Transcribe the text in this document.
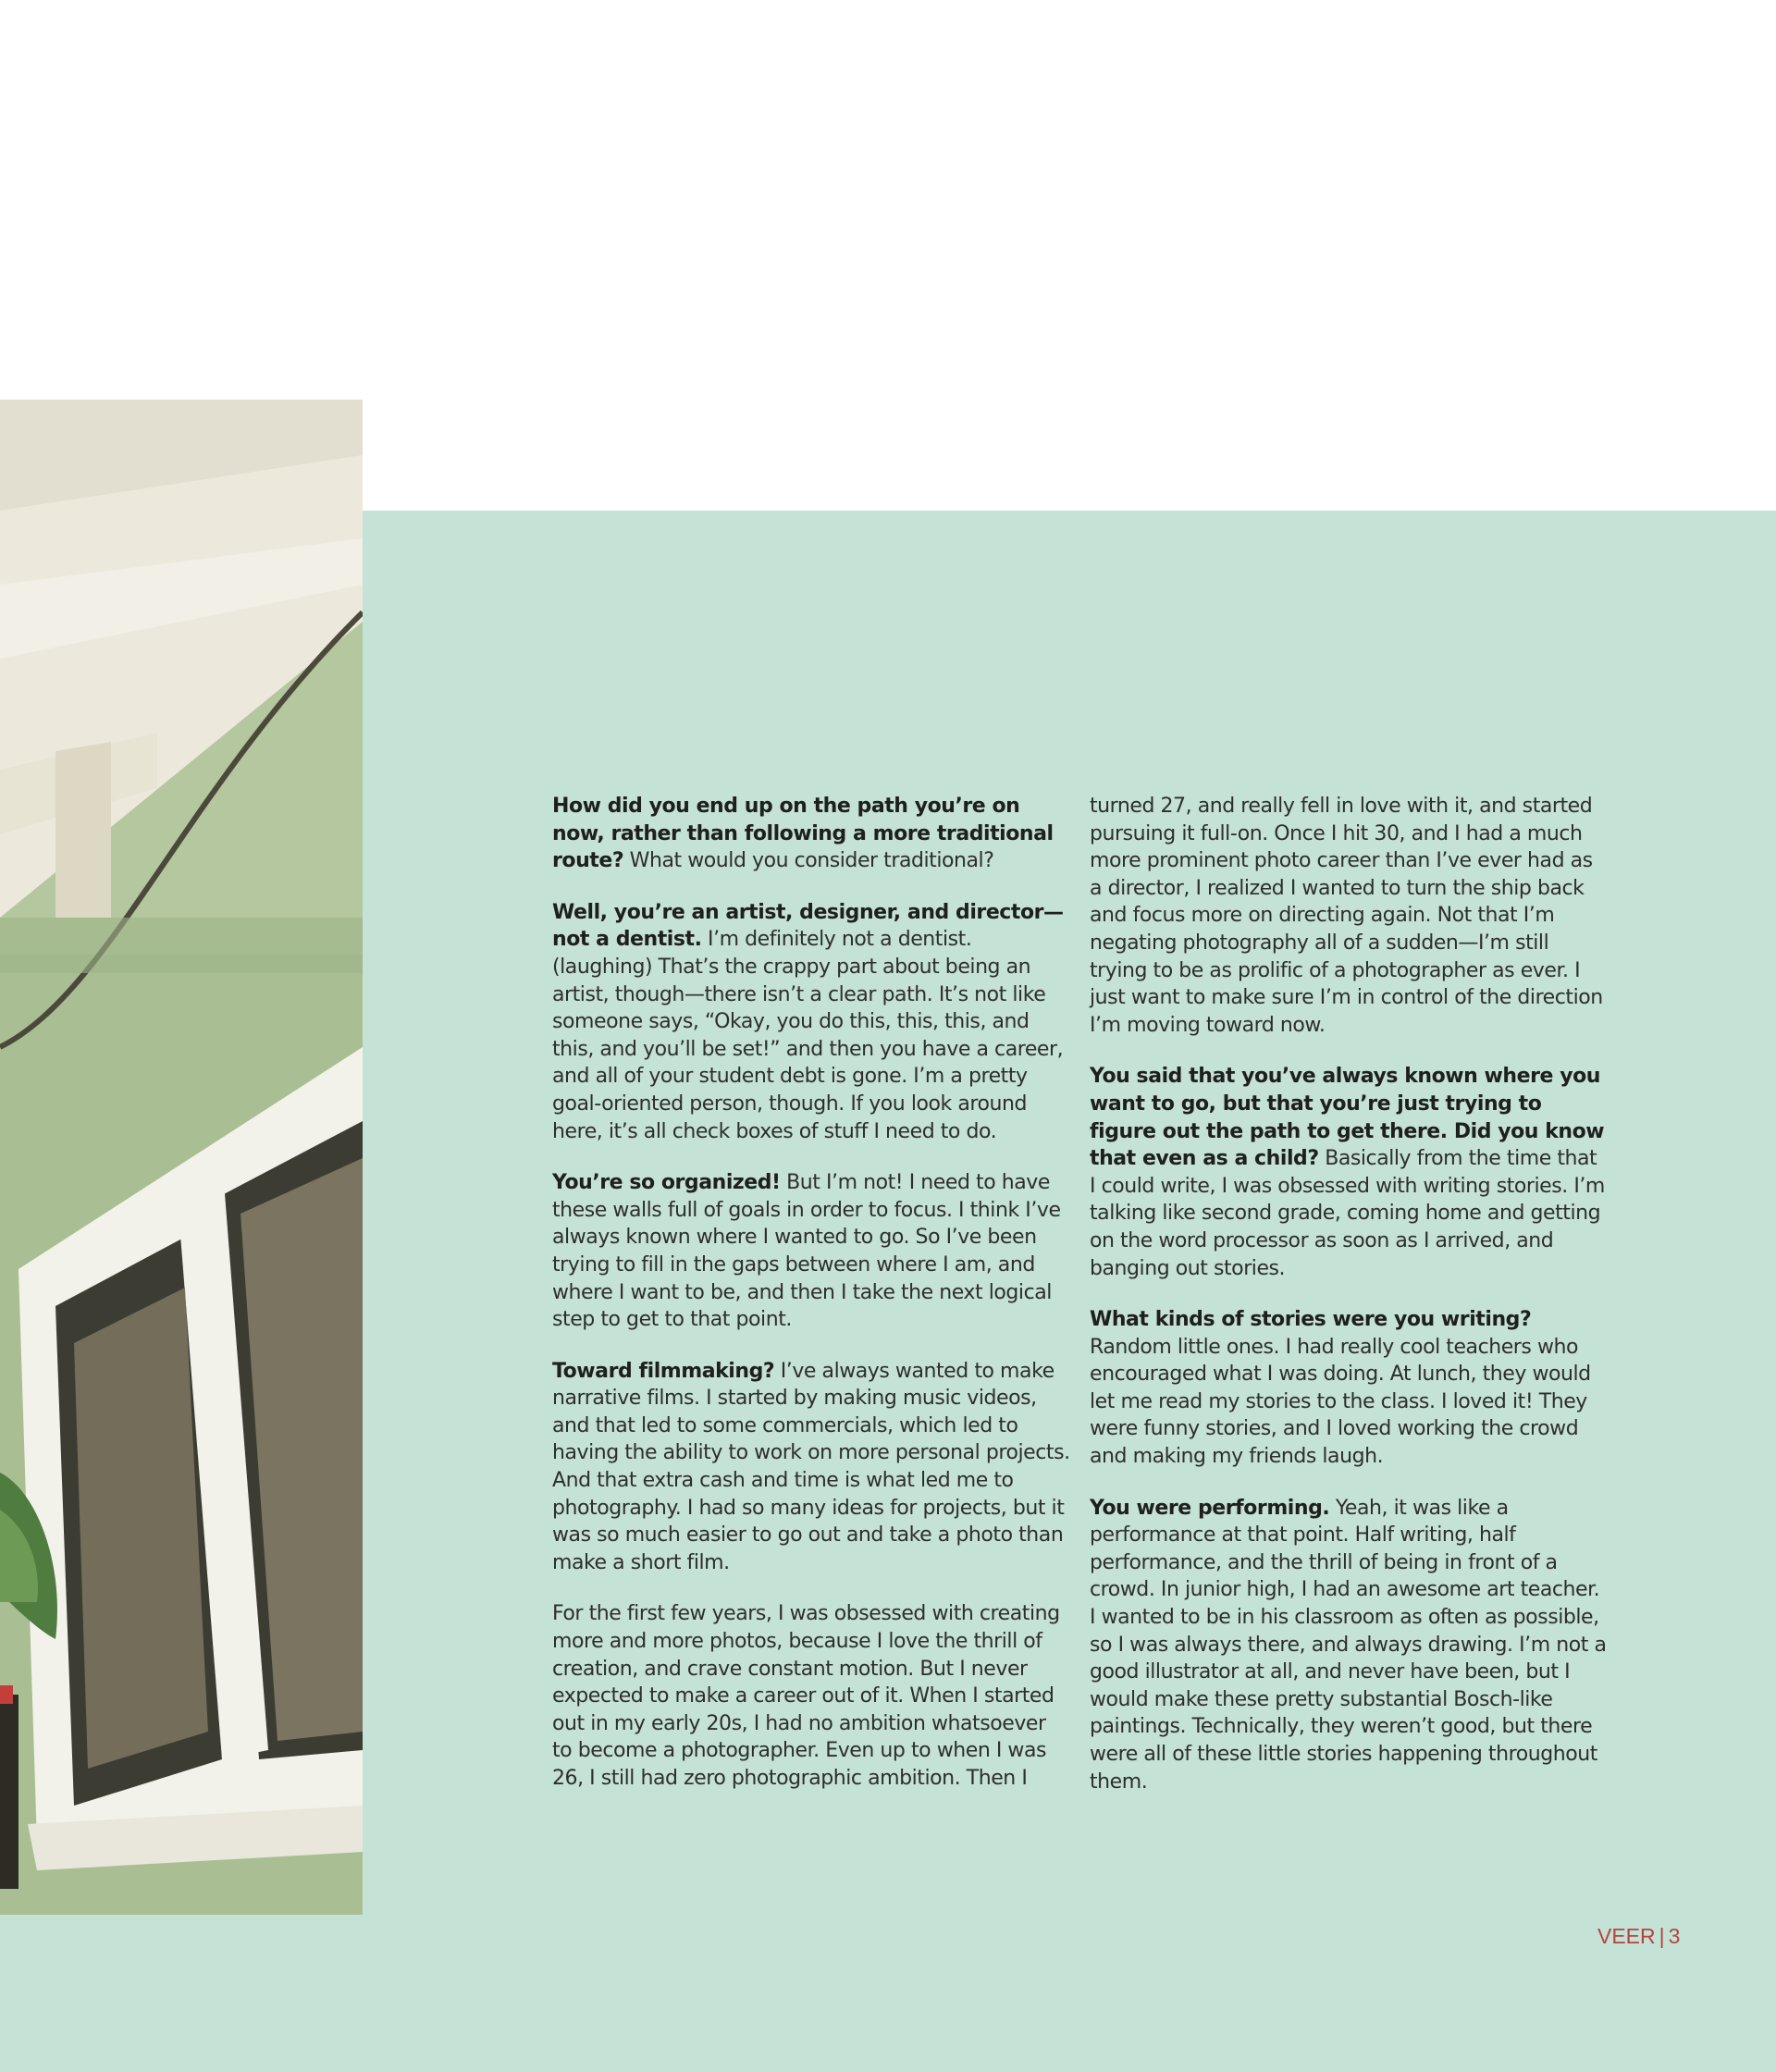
How did you end up on the path you’re on now, rather than following a more traditional route? What would you consider traditional?

Well, you’re an artist, designer, and director—not a dentist. I’m definitely not a dentist. (laughing) That’s the crappy part about being an artist, though—there isn’t a clear path. It’s not like someone says, “Okay, you do this, this, this, and this, and you’ll be set!” and then you have a career, and all of your student debt is gone. I’m a pretty goal-oriented person, though. If you look around here, it’s all check boxes of stuff I need to do.

You’re so organized! But I’m not! I need to have these walls full of goals in order to focus. I think I’ve always known where I wanted to go. So I’ve been trying to fill in the gaps between where I am, and where I want to be, and then I take the next logical step to get to that point.

Toward filmmaking? I’ve always wanted to make narrative films. I started by making music videos, and that led to some commercials, which led to having the ability to work on more personal projects. And that extra cash and time is what led me to photography. I had so many ideas for projects, but it was so much easier to go out and take a photo than make a short film.

For the first few years, I was obsessed with creating more and more photos, because I love the thrill of creation, and crave constant motion. But I never expected to make a career out of it. When I started out in my early 20s, I had no ambition whatsoever to become a photographer. Even up to when I was 26, I still had zero photographic ambition. Then I

turned 27, and really fell in love with it, and started pursuing it full-on. Once I hit 30, and I had a much more prominent photo career than I’ve ever had as a director, I realized I wanted to turn the ship back and focus more on directing again. Not that I’m negating photography all of a sudden—I’m still trying to be as prolific of a photographer as ever. I just want to make sure I’m in control of the direction I’m moving toward now.

You said that you’ve always known where you want to go, but that you’re just trying to figure out the path to get there. Did you know that even as a child? Basically from the time that I could write, I was obsessed with writing stories. I’m talking like second grade, coming home and getting on the word processor as soon as I arrived, and banging out stories.

What kinds of stories were you writing? Random little ones. I had really cool teachers who encouraged what I was doing. At lunch, they would let me read my stories to the class. I loved it! They were funny stories, and I loved working the crowd and making my friends laugh.

You were performing. Yeah, it was like a performance at that point. Half writing, half performance, and the thrill of being in front of a crowd. In junior high, I had an awesome art teacher. I wanted to be in his classroom as often as possible, so I was always there, and always drawing. I’m not a good illustrator at all, and never have been, but I would make these pretty substantial Bosch-like paintings. Technically, they weren’t good, but there were all of these little stories happening throughout them.

VEER | 3
